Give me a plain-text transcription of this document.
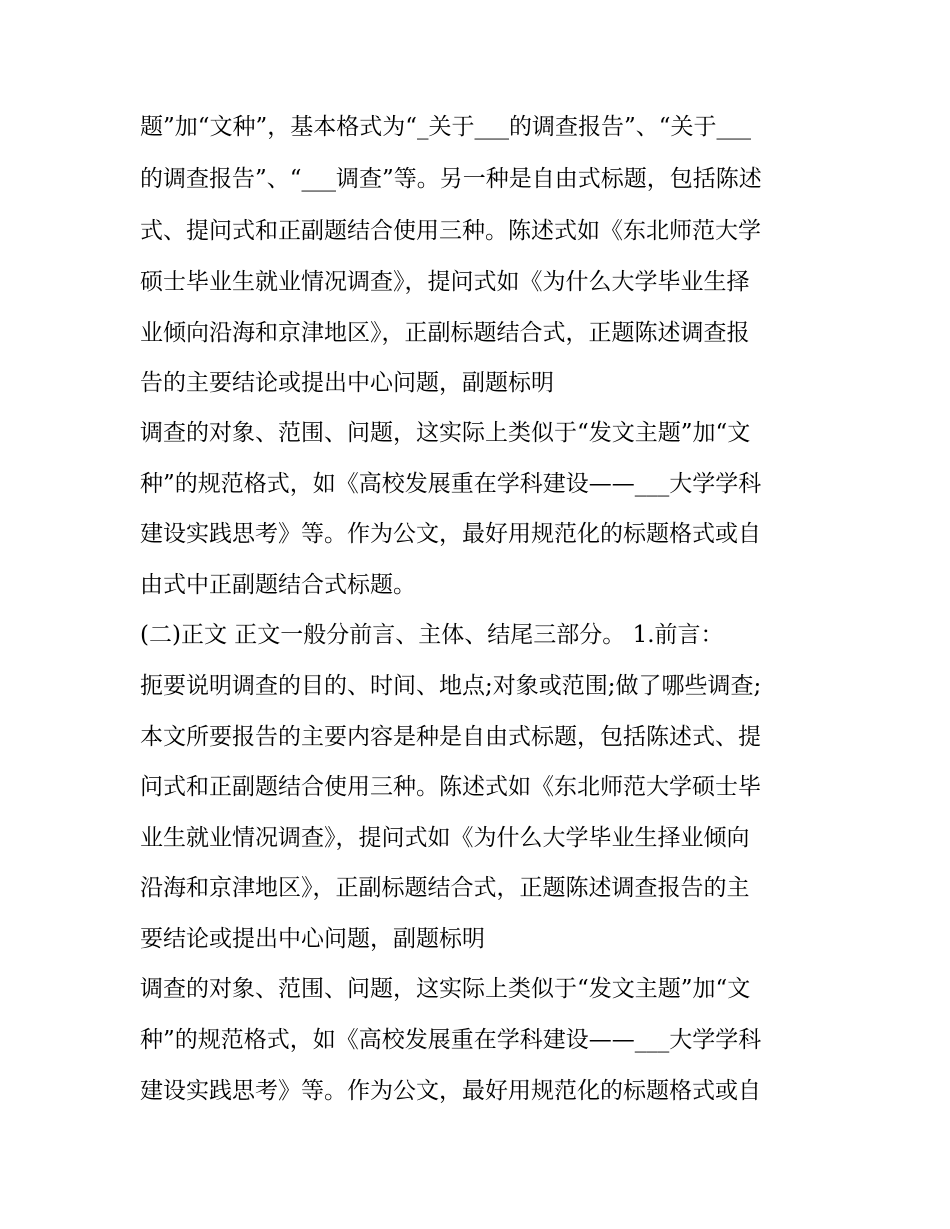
题”加“文种”，基本格式为“_关于___的调查报告”、“关于___
的调查报告”、“___调查”等。另一种是自由式标题，包括陈述
式、提问式和正副题结合使用三种。陈述式如《东北师范大学
硕士毕业生就业情况调查》，提问式如《为什么大学毕业生择
业倾向沿海和京津地区》，正副标题结合式，正题陈述调查报
告的主要结论或提出中心问题，副题标明
调查的对象、范围、问题，这实际上类似于“发文主题”加“文
种”的规范格式，如《高校发展重在学科建设——___大学学科
建设实践思考》等。作为公文，最好用规范化的标题格式或自
由式中正副题结合式标题。
(二)正文 正文一般分前言、主体、结尾三部分。 1.前言：
扼要说明调查的目的、时间、地点;对象或范围;做了哪些调查;
本文所要报告的主要内容是种是自由式标题，包括陈述式、提
问式和正副题结合使用三种。陈述式如《东北师范大学硕士毕
业生就业情况调查》，提问式如《为什么大学毕业生择业倾向
沿海和京津地区》，正副标题结合式，正题陈述调查报告的主
要结论或提出中心问题，副题标明
调查的对象、范围、问题，这实际上类似于“发文主题”加“文
种”的规范格式，如《高校发展重在学科建设——___大学学科
建设实践思考》等。作为公文，最好用规范化的标题格式或自
